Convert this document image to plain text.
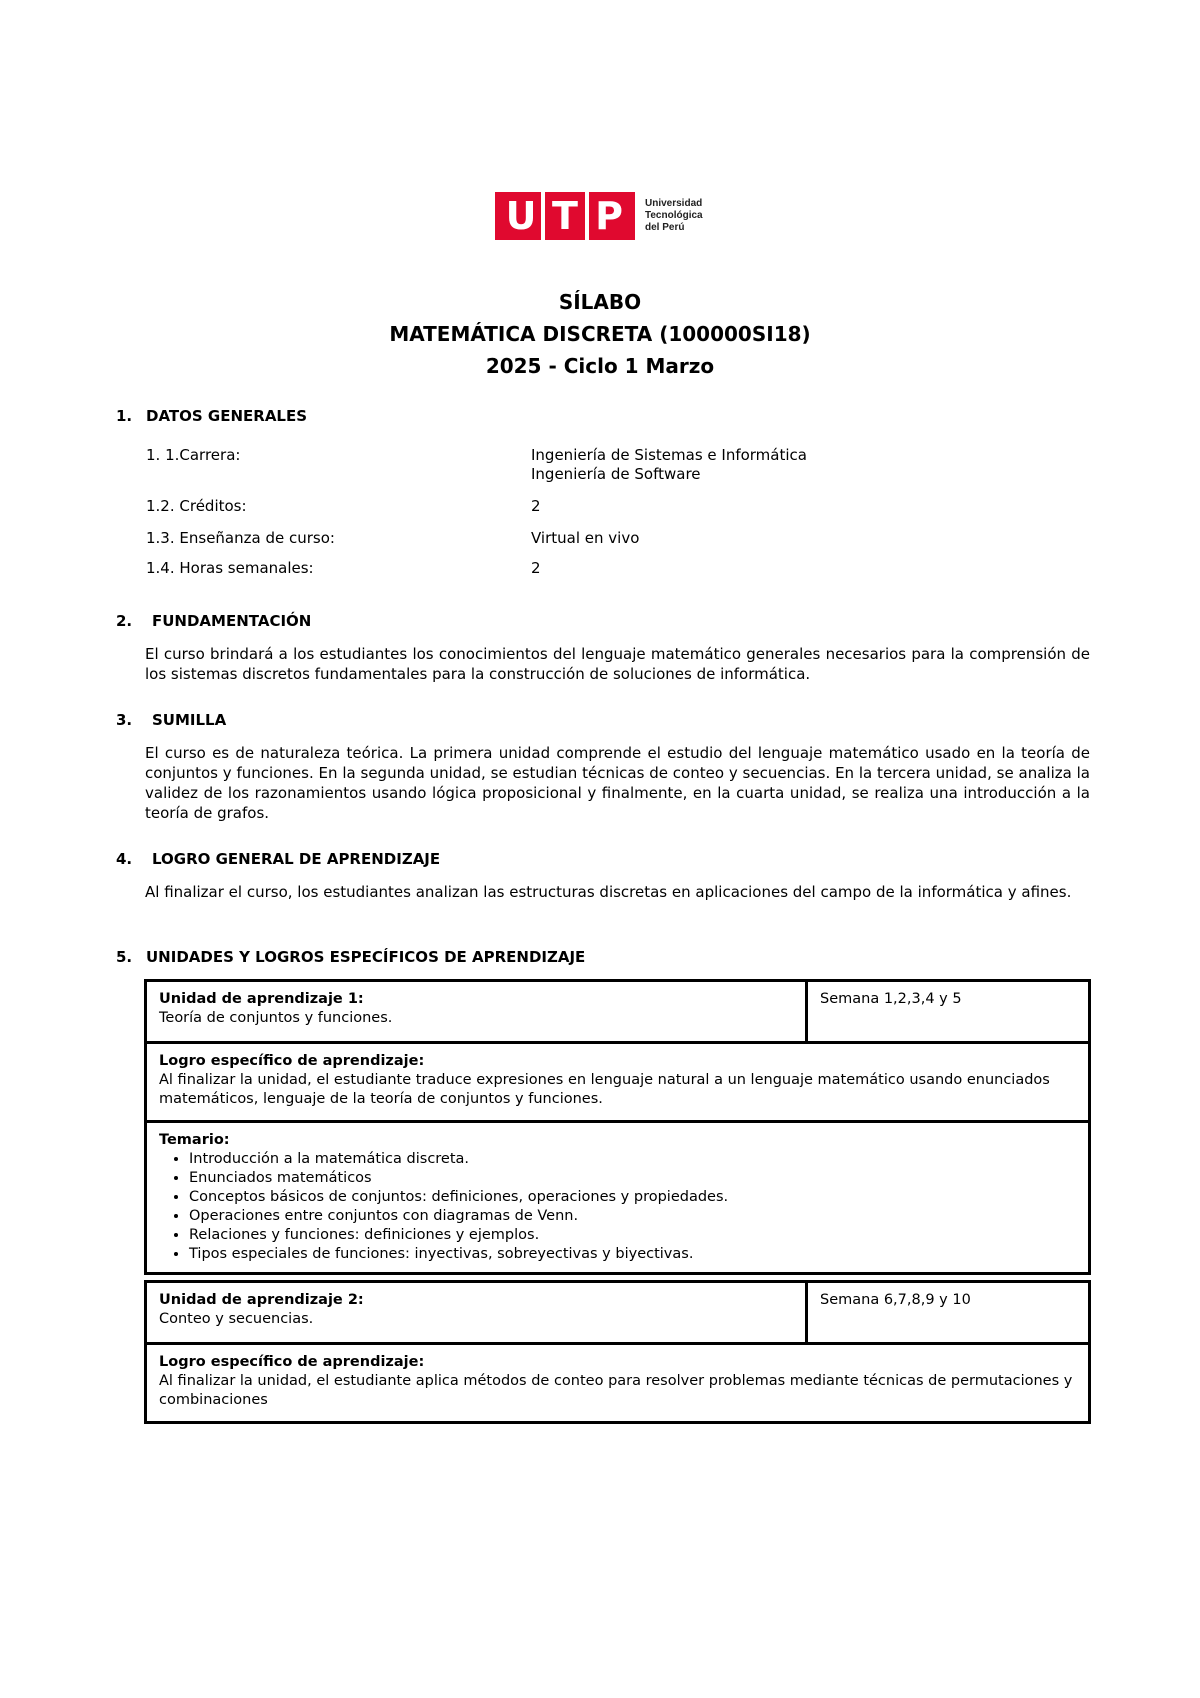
U T P	Universidad
Tecnológica
del Perú
SÍLABO
MATEMÁTICA DISCRETA (100000SI18)
2025 - Ciclo 1 Marzo
1. DATOS GENERALES
1. 1.Carrera:	Ingeniería de Sistemas e Informática
Ingeniería de Software
1.2. Créditos:	2
1.3. Enseñanza de curso:	Virtual en vivo
1.4. Horas semanales:	2
2. FUNDAMENTACIÓN
El curso brindará a los estudiantes los conocimientos del lenguaje matemático generales necesarios para la comprensión de los sistemas discretos fundamentales para la construcción de soluciones de informática.
3. SUMILLA
El curso es de naturaleza teórica. La primera unidad comprende el estudio del lenguaje matemático usado en la teoría de conjuntos y funciones. En la segunda unidad, se estudian técnicas de conteo y secuencias. En la tercera unidad, se analiza la validez de los razonamientos usando lógica proposicional y finalmente, en la cuarta unidad, se realiza una introducción a la teoría de grafos.
4. LOGRO GENERAL DE APRENDIZAJE
Al finalizar el curso, los estudiantes analizan las estructuras discretas en aplicaciones del campo de la informática y afines.
5. UNIDADES Y LOGROS ESPECÍFICOS DE APRENDIZAJE
Unidad de aprendizaje 1:
Teoría de conjuntos y funciones.
	Semana 1,2,3,4 y 5

Logro específico de aprendizaje:
Al finalizar la unidad, el estudiante traduce expresiones en lenguaje natural a un lenguaje matemático usando enunciados matemáticos, lenguaje de la teoría de conjuntos y funciones.

Temario:
• Introducción a la matemática discreta.
• Enunciados matemáticos
• Conceptos básicos de conjuntos: definiciones, operaciones y propiedades.
• Operaciones entre conjuntos con diagramas de Venn.
• Relaciones y funciones: definiciones y ejemplos.
• Tipos especiales de funciones: inyectivas, sobreyectivas y biyectivas.
Unidad de aprendizaje 2:
Conteo y secuencias.
	Semana 6,7,8,9 y 10

Logro específico de aprendizaje:
Al finalizar la unidad, el estudiante aplica métodos de conteo para resolver problemas mediante técnicas de permutaciones y combinaciones
